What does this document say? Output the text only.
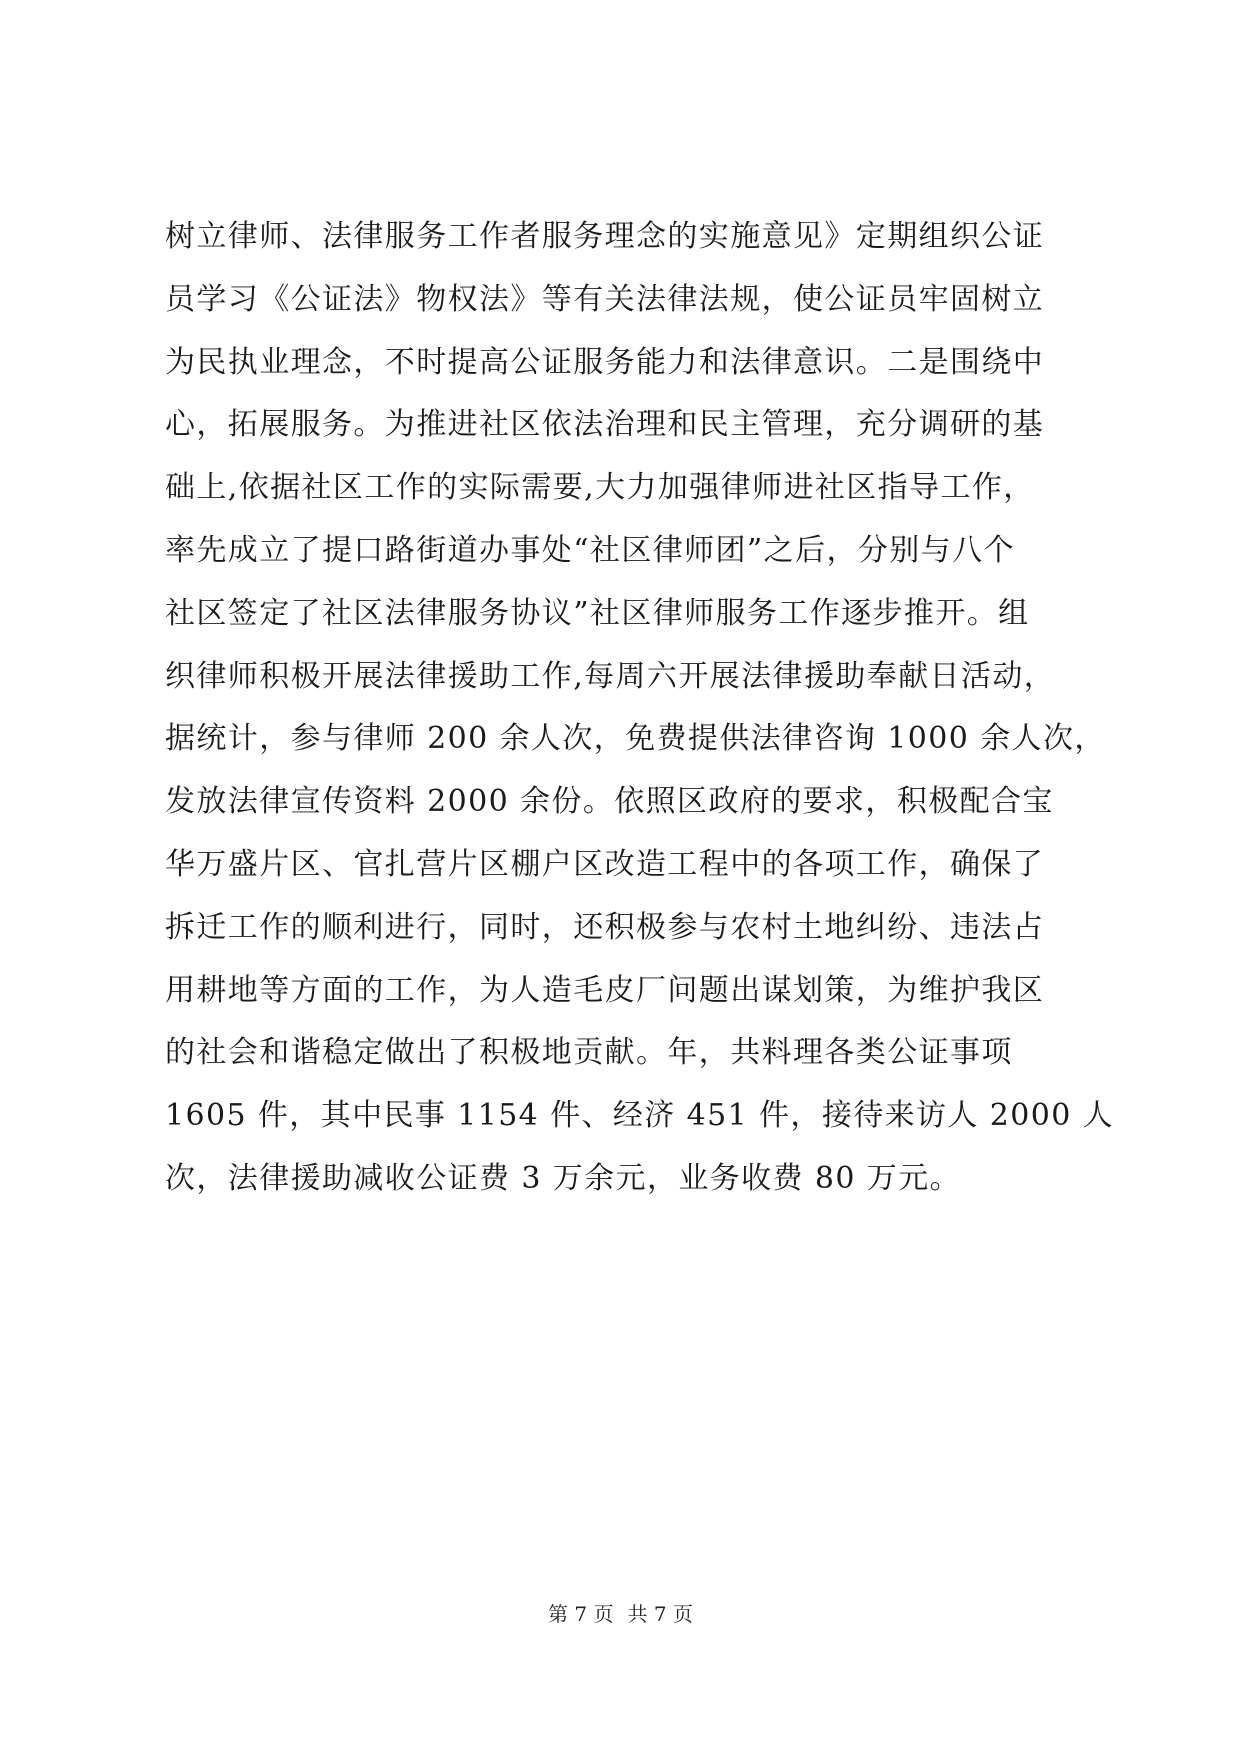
树立律师、法律服务工作者服务理念的实施意见》定期组织公证
员学习《公证法》物权法》等有关法律法规，使公证员牢固树立
为民执业理念，不时提高公证服务能力和法律意识。二是围绕中
心，拓展服务。为推进社区依法治理和民主管理，充分调研的基
础上,依据社区工作的实际需要,大力加强律师进社区指导工作，
率先成立了提口路街道办事处“社区律师团”之后，分别与八个
社区签定了社区法律服务协议”社区律师服务工作逐步推开。组
织律师积极开展法律援助工作,每周六开展法律援助奉献日活动，
据统计，参与律师 200 余人次，免费提供法律咨询 1000 余人次，
发放法律宣传资料 2000 余份。依照区政府的要求，积极配合宝
华万盛片区、官扎营片区棚户区改造工程中的各项工作，确保了
拆迁工作的顺利进行，同时，还积极参与农村土地纠纷、违法占
用耕地等方面的工作，为人造毛皮厂问题出谋划策，为维护我区
的社会和谐稳定做出了积极地贡献。年，共料理各类公证事项
1605 件，其中民事 1154 件、经济 451 件，接待来访人 2000 人
次，法律援助减收公证费 3 万余元，业务收费 80 万元。
第 7 页 共 7 页
